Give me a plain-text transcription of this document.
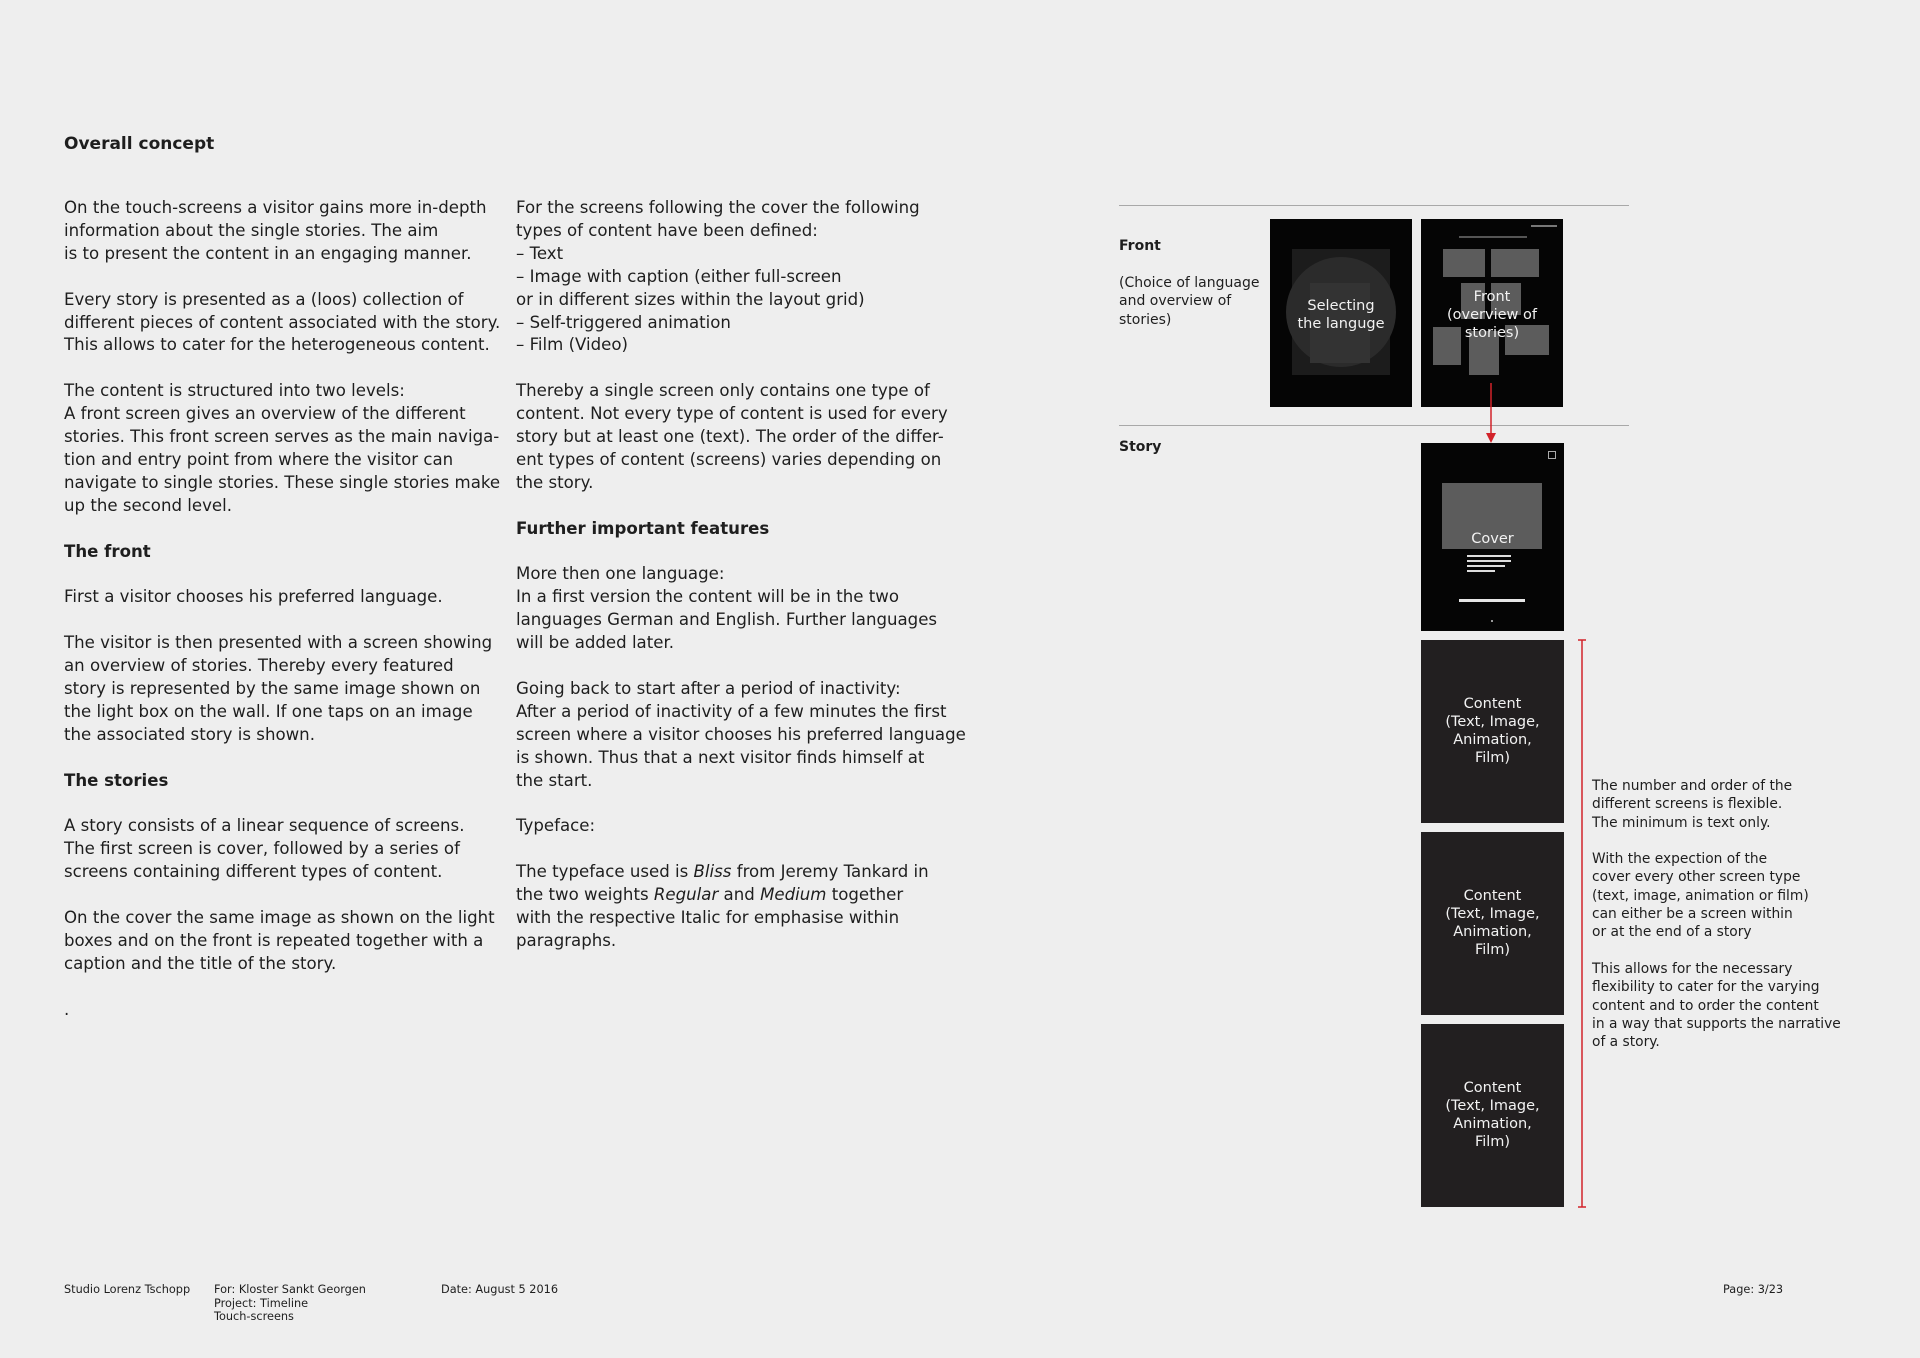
Overall concept

On the touch-screens a visitor gains more in-depth
information about the single stories. The aim
is to present the content in an engaging manner.

Every story is presented as a (loos) collection of
different pieces of content associated with the story.
This allows to cater for the heterogeneous content.

The content is structured into two levels:
A front screen gives an overview of the different
stories. This front screen serves as the main naviga-
tion and entry point from where the visitor can
navigate to single stories. These single stories make
up the second level.

The front

First a visitor chooses his preferred language.

The visitor is then presented with a screen showing
an overview of stories. Thereby every featured
story is represented by the same image shown on
the light box on the wall. If one taps on an image
the associated story is shown.

The stories

A story consists of a linear sequence of screens.
The first screen is cover, followed by a series of
screens containing different types of content.

On the cover the same image as shown on the light
boxes and on the front is repeated together with a
caption and the title of the story.

.

For the screens following the cover the following
types of content have been defined:
– Text
– Image with caption (either full-screen
or in different sizes within the layout grid)
– Self-triggered animation
– Film (Video)

Thereby a single screen only contains one type of
content. Not every type of content is used for every
story but at least one (text). The order of the differ-
ent types of content (screens) varies depending on
the story.

Further important features

More then one language:
In a first version the content will be in the two
languages German and English. Further languages
will be added later.

Going back to start after a period of inactivity:
After a period of inactivity of a few minutes the first
screen where a visitor chooses his preferred language
is shown. Thus that a next visitor finds himself at
the start.

Typeface:

The typeface used is Bliss from Jeremy Tankard in
the two weights Regular and Medium together
with the respective Italic for emphasise within
paragraphs.

Front

(Choice of language
and overview of
stories)

Story
Selecting
the languge
Front
(overview of
stories)
Cover
Content
(Text, Image,
Animation,
Film)
Content
(Text, Image,
Animation,
Film)
Content
(Text, Image,
Animation,
Film)

The number and order of the
different screens is flexible.
The minimum is text only.

With the expection of the
cover every other screen type
(text, image, animation or film)
can either be a screen within
or at the end of a story

This allows for the necessary
flexibility to cater for the varying
content and to order the content
in a way that supports the narrative
of a story.

Studio Lorenz Tschopp For: Kloster Sankt Georgen
Project: Timeline
Touch-screens
Date: August 5 2016	Page: 3/23
